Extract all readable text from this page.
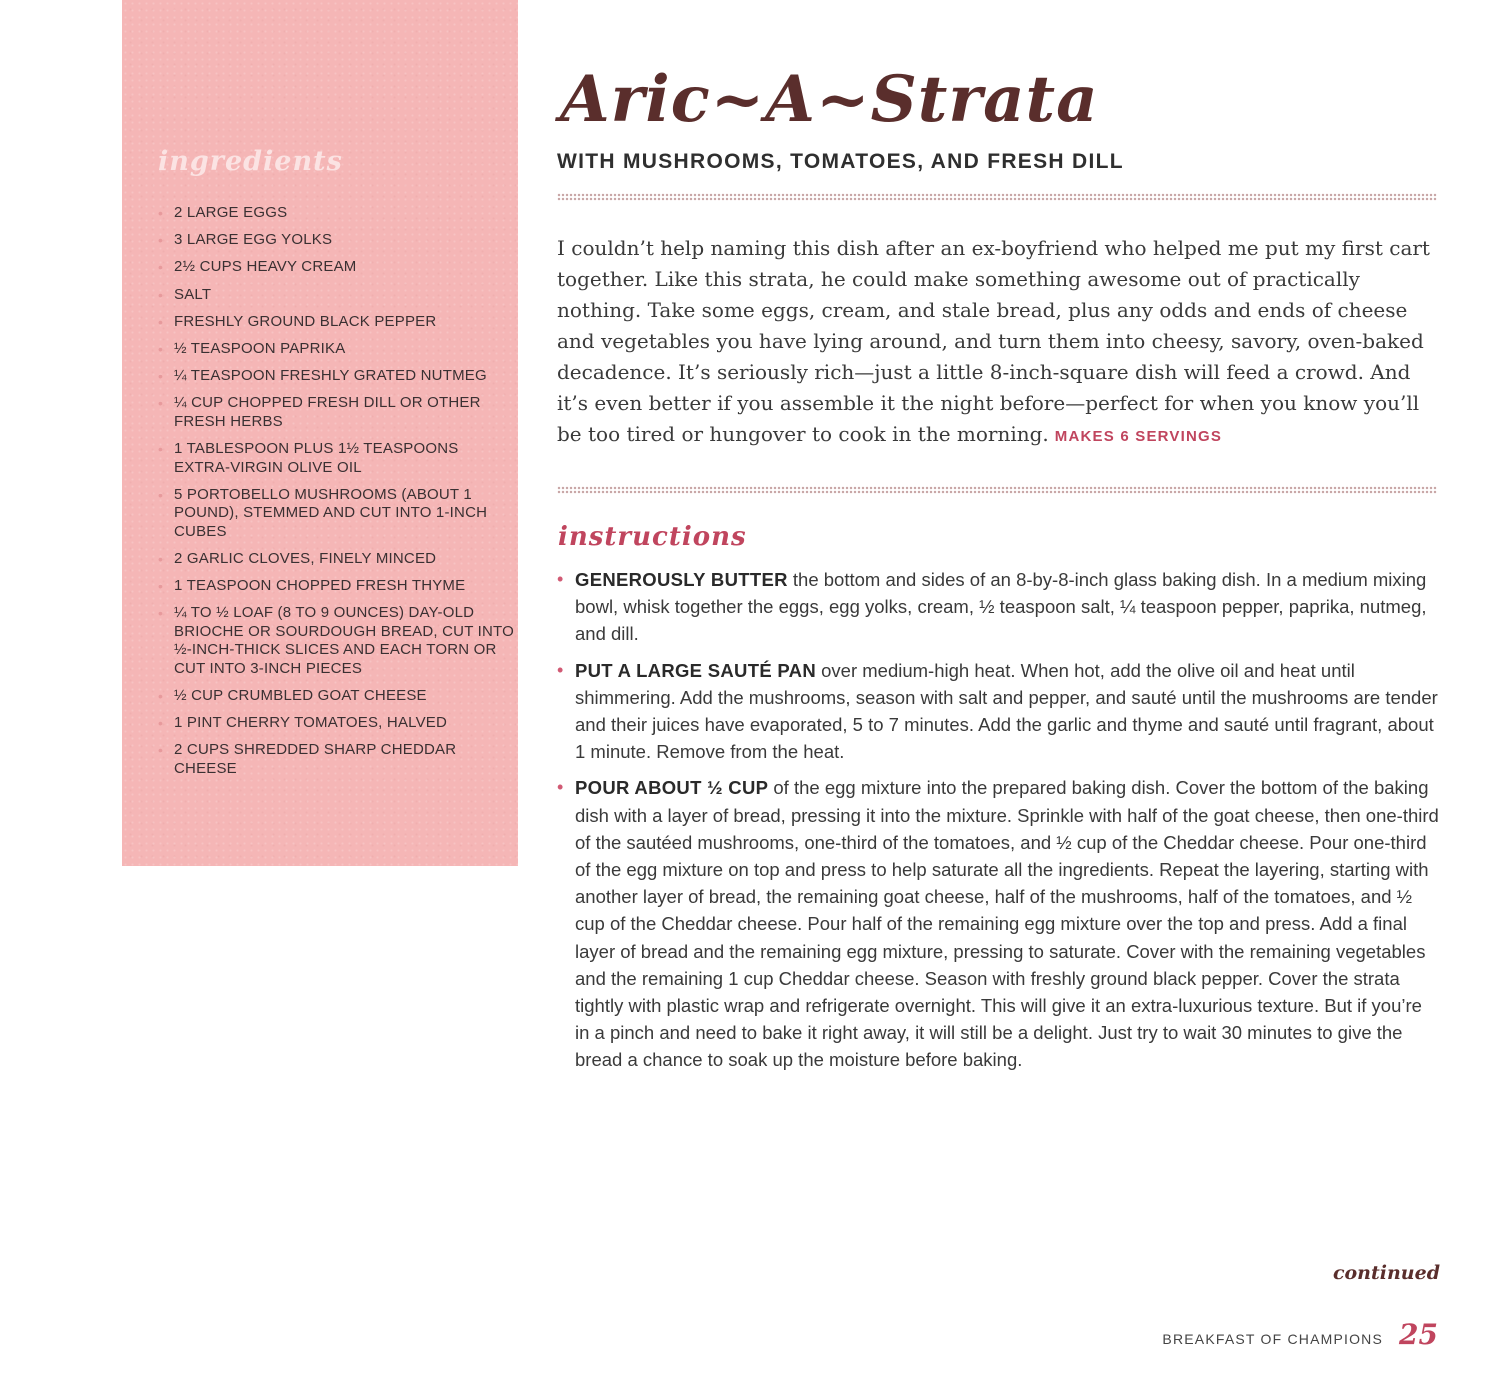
ingredients
• 2 LARGE EGGS
• 3 LARGE EGG YOLKS
• 2½ CUPS HEAVY CREAM
• SALT
• FRESHLY GROUND BLACK PEPPER
• ½ TEASPOON PAPRIKA
• ¼ TEASPOON FRESHLY GRATED NUTMEG
• ¼ CUP CHOPPED FRESH DILL OR OTHER FRESH HERBS
• 1 TABLESPOON PLUS 1½ TEASPOONS EXTRA-VIRGIN OLIVE OIL
• 5 PORTOBELLO MUSHROOMS (ABOUT 1 POUND), STEMMED AND CUT INTO 1-INCH CUBES
• 2 GARLIC CLOVES, FINELY MINCED
• 1 TEASPOON CHOPPED FRESH THYME
• ¼ TO ½ LOAF (8 TO 9 OUNCES) DAY-OLD BRIOCHE OR SOURDOUGH BREAD, CUT INTO ½-INCH-THICK SLICES AND EACH TORN OR CUT INTO 3-INCH PIECES
• ½ CUP CRUMBLED GOAT CHEESE
• 1 PINT CHERRY TOMATOES, HALVED
• 2 CUPS SHREDDED SHARP CHEDDAR CHEESE
Aric~A~Strata
WITH MUSHROOMS, TOMATOES, AND FRESH DILL

I couldn’t help naming this dish after an ex-boyfriend who helped me put my first cart together. Like this strata, he could make something awesome out of practically nothing. Take some eggs, cream, and stale bread, plus any odds and ends of cheese and vegetables you have lying around, and turn them into cheesy, savory, oven-baked decadence. It’s seriously rich—just a little 8-inch-square dish will feed a crowd. And it’s even better if you assemble it the night before—perfect for when you know you’ll be too tired or hungover to cook in the morning. MAKES 6 SERVINGS

instructions
• GENEROUSLY BUTTER the bottom and sides of an 8-by-8-inch glass baking dish. In a medium mixing bowl, whisk together the eggs, egg yolks, cream, ½ teaspoon salt, ¼ teaspoon pepper, paprika, nutmeg, and dill.
• PUT A LARGE SAUTÉ PAN over medium-high heat. When hot, add the olive oil and heat until shimmering. Add the mushrooms, season with salt and pepper, and sauté until the mushrooms are tender and their juices have evaporated, 5 to 7 minutes. Add the garlic and thyme and sauté until fragrant, about 1 minute. Remove from the heat.
• POUR ABOUT ½ CUP of the egg mixture into the prepared baking dish. Cover the bottom of the baking dish with a layer of bread, pressing it into the mixture. Sprinkle with half of the goat cheese, then one-third of the sautéed mushrooms, one-third of the tomatoes, and ½ cup of the Cheddar cheese. Pour one-third of the egg mixture on top and press to help saturate all the ingredients. Repeat the layering, starting with another layer of bread, the remaining goat cheese, half of the mushrooms, half of the tomatoes, and ½ cup of the Cheddar cheese. Pour half of the remaining egg mixture over the top and press. Add a final layer of bread and the remaining egg mixture, pressing to saturate. Cover with the remaining vegetables and the remaining 1 cup Cheddar cheese. Season with freshly ground black pepper. Cover the strata tightly with plastic wrap and refrigerate overnight. This will give it an extra-luxurious texture. But if you’re in a pinch and need to bake it right away, it will still be a delight. Just try to wait 30 minutes to give the bread a chance to soak up the moisture before baking.

continued

BREAKFAST OF CHAMPIONS 25
